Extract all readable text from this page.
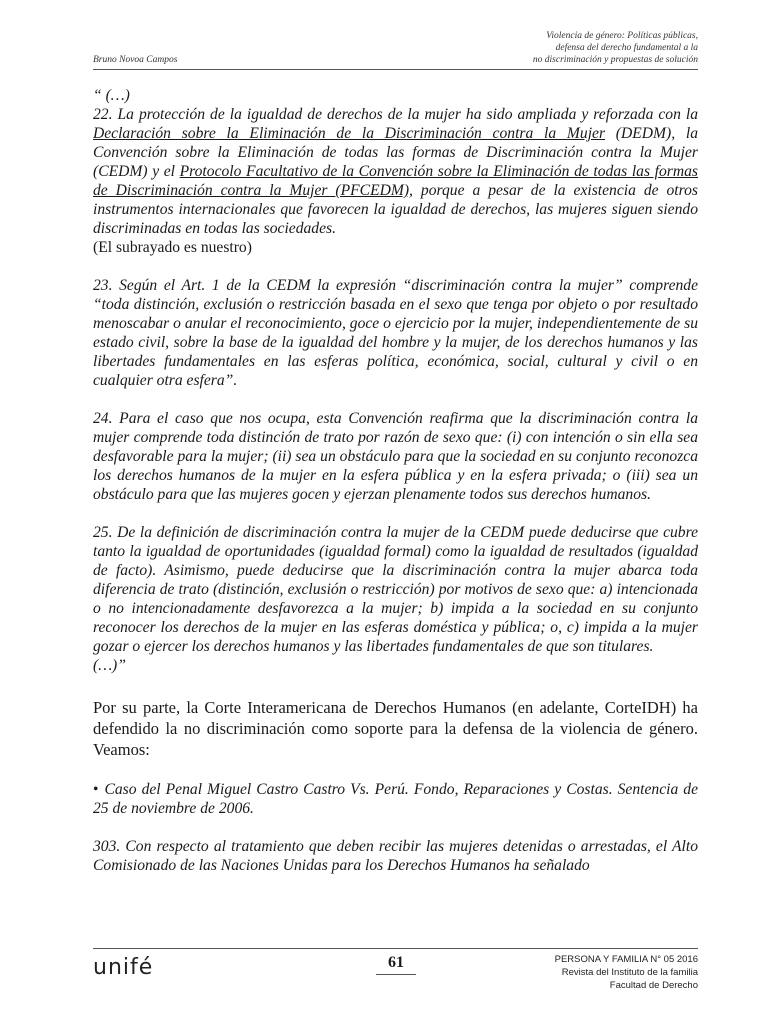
Bruno Novoa Campos
Violencia de género: Políticas públicas,
defensa del derecho fundamental a la
no discriminación y propuestas de solución

“ (…)

22. La protección de la igualdad de derechos de la mujer ha sido ampliada y reforzada con la Declaración sobre la Eliminación de la Discriminación contra la Mujer (DEDM), la Convención sobre la Eliminación de todas las formas de Discriminación contra la Mujer (CEDM) y el Protocolo Facultativo de la Convención sobre la Eliminación de todas las formas de Discriminación contra la Mujer (PFCEDM), porque a pesar de la existencia de otros instrumentos internacionales que favorecen la igualdad de derechos, las mujeres siguen siendo discriminadas en todas las sociedades.

(El subrayado es nuestro)

23. Según el Art. 1 de la CEDM la expresión “discriminación contra la mujer” comprende “toda distinción, exclusión o restricción basada en el sexo que tenga por objeto o por resultado menoscabar o anular el reconocimiento, goce o ejercicio por la mujer, independientemente de su estado civil, sobre la base de la igualdad del hombre y la mujer, de los derechos humanos y las libertades fundamentales en las esferas política, económica, social, cultural y civil o en cualquier otra esfera”.

24. Para el caso que nos ocupa, esta Convención reafirma que la discriminación contra la mujer comprende toda distinción de trato por razón de sexo que: (i) con intención o sin ella sea desfavorable para la mujer; (ii) sea un obstáculo para que la sociedad en su conjunto reconozca los derechos humanos de la mujer en la esfera pública y en la esfera privada; o (iii) sea un obstáculo para que las mujeres gocen y ejerzan plenamente todos sus derechos humanos.

25. De la definición de discriminación contra la mujer de la CEDM puede deducirse que cubre tanto la igualdad de oportunidades (igualdad formal) como la igualdad de resultados (igualdad de facto). Asimismo, puede deducirse que la discriminación contra la mujer abarca toda diferencia de trato (distinción, exclusión o restricción) por motivos de sexo que: a) intencionada o no intencionadamente desfavorezca a la mujer; b) impida a la sociedad en su conjunto reconocer los derechos de la mujer en las esferas doméstica y pública; o, c) impida a la mujer gozar o ejercer los derechos humanos y las libertades fundamentales de que son titulares.

(…)”

Por su parte, la Corte Interamericana de Derechos Humanos (en adelante, CorteIDH) ha defendido la no discriminación como soporte para la defensa de la violencia de género. Veamos:

• Caso del Penal Miguel Castro Castro Vs. Perú. Fondo, Reparaciones y Costas. Sentencia de 25 de noviembre de 2006.

303. Con respecto al tratamiento que deben recibir las mujeres detenidas o arrestadas, el Alto Comisionado de las Naciones Unidas para los Derechos Humanos ha señalado

unifé	61	PERSONA Y FAMILIA N° 05 2016
Revista del Instituto de la familia
Facultad de Derecho
